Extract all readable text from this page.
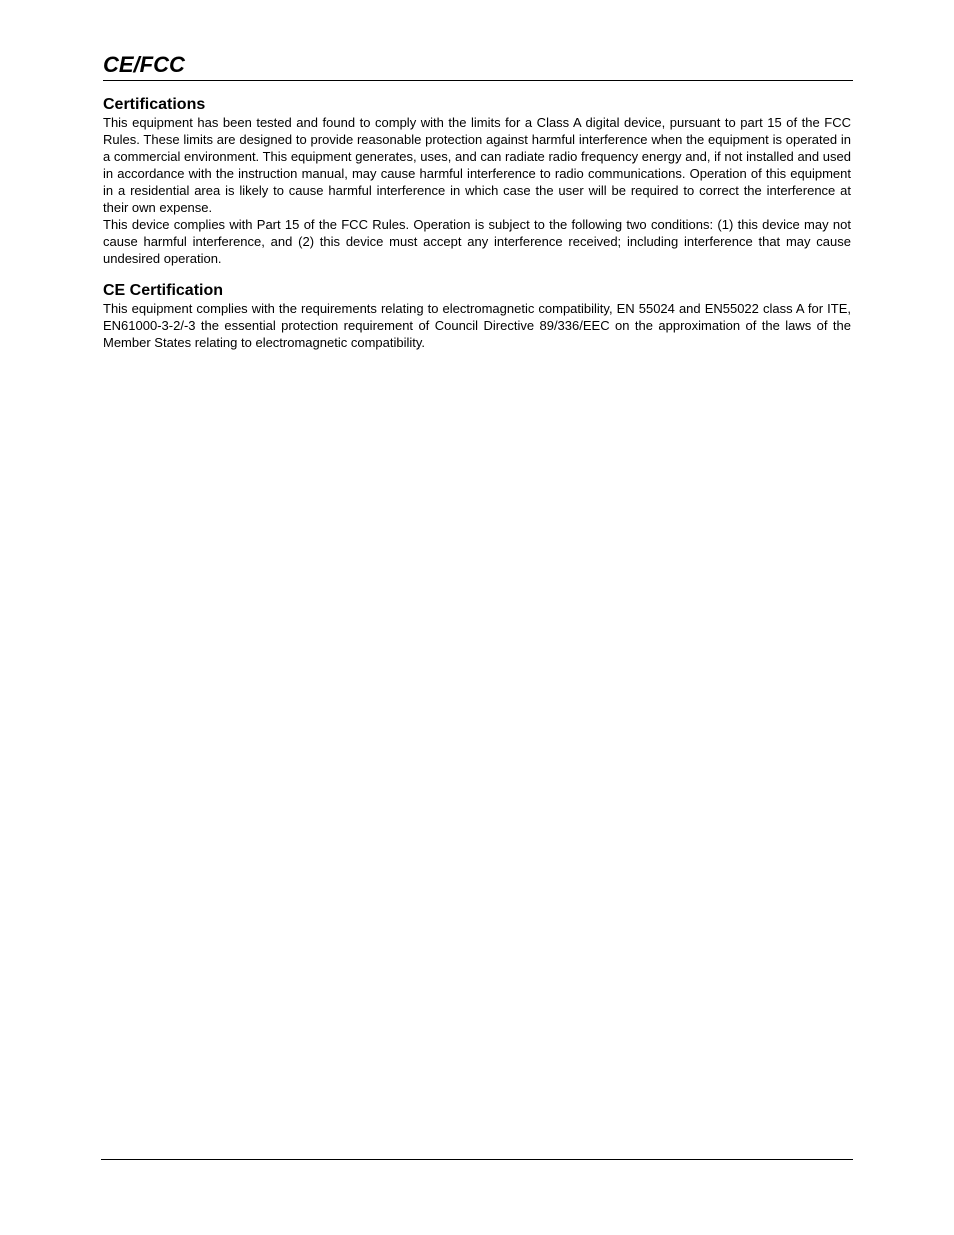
CE/FCC
Certifications

This equipment has been tested and found to comply with the limits for a Class A digital device, pursuant to part 15 of the FCC Rules. These limits are designed to provide reasonable protection against harmful interference when the equipment is operated in a commercial environment. This equipment generates, uses, and can radiate radio frequency energy and, if not installed and used in accordance with the instruction manual, may cause harmful interference to radio communications. Operation of this equipment in a residential area is likely to cause harmful interference in which case the user will be required to correct the interference at their own expense.

This device complies with Part 15 of the FCC Rules. Operation is subject to the following two conditions: (1) this device may not cause harmful interference, and (2) this device must accept any interference received; including interference that may cause undesired operation.

CE Certification

This equipment complies with the requirements relating to electromagnetic compatibility, EN 55024 and EN55022 class A for ITE, EN61000-3-2/-3 the essential protection requirement of Council Directive 89/336/EEC on the approximation of the laws of the Member States relating to electromagnetic compatibility.
